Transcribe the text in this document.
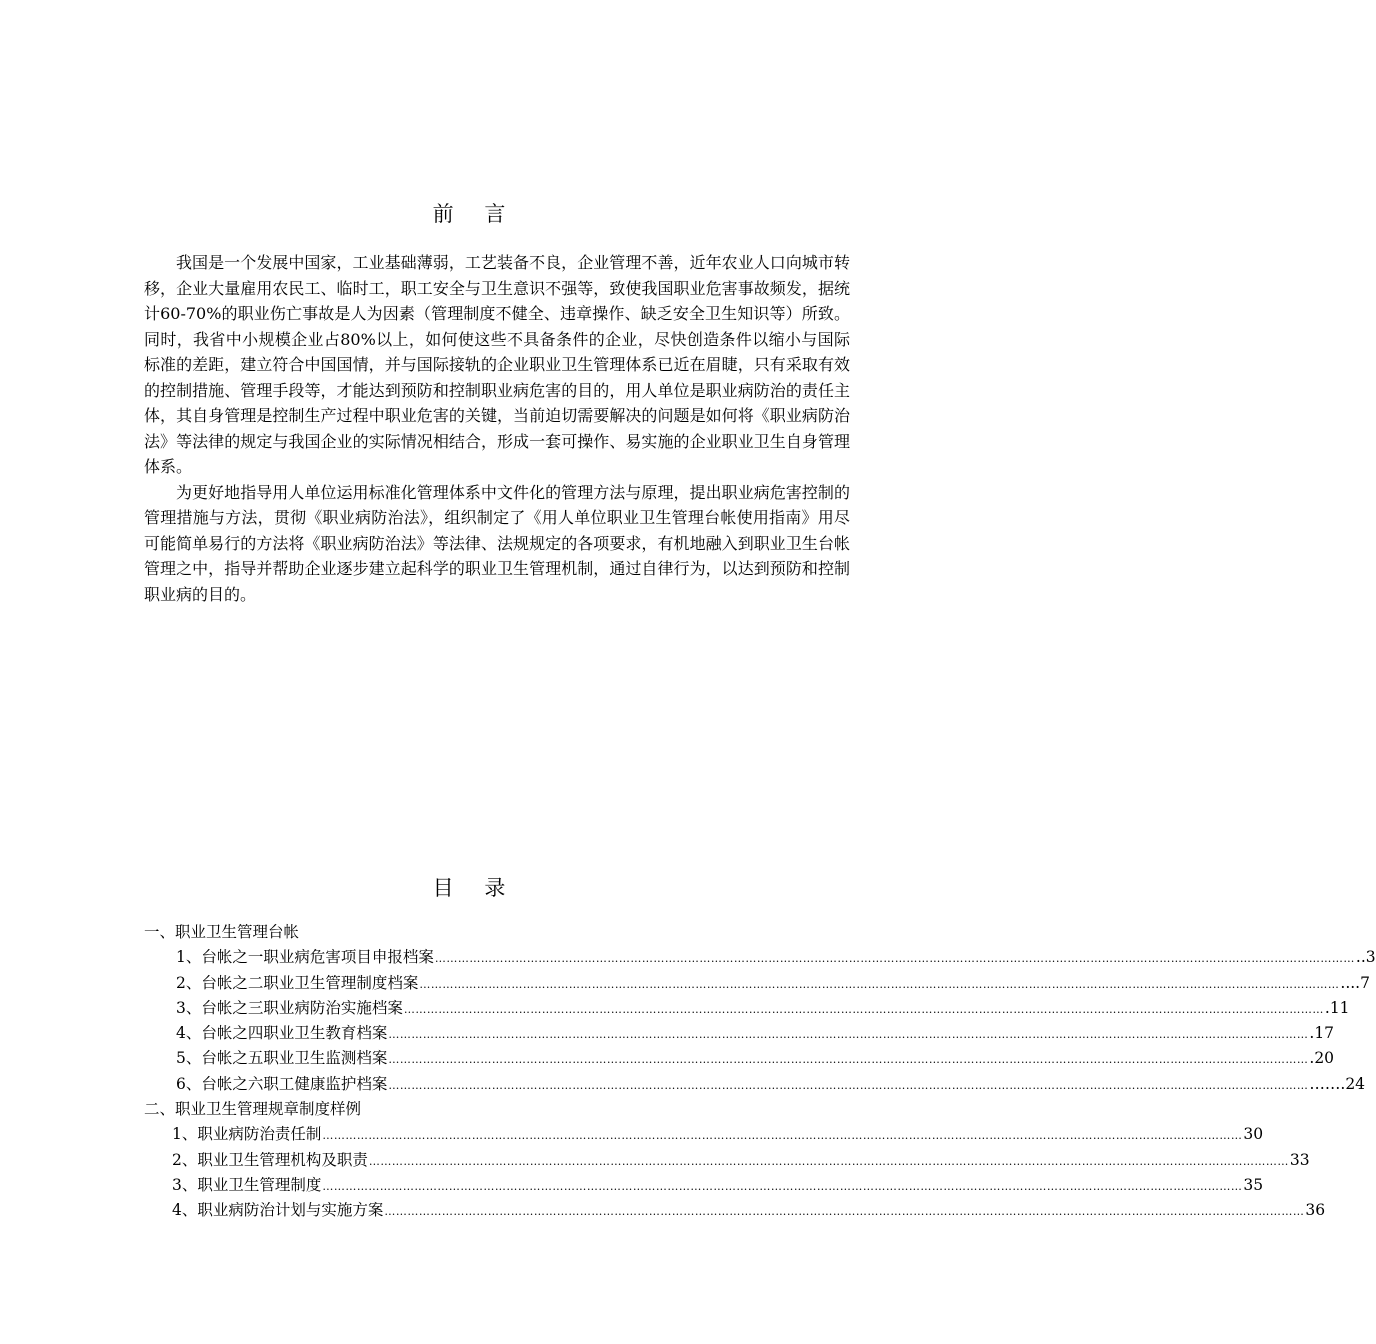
前 言

我国是一个发展中国家，工业基础薄弱，工艺装备不良，企业管理不善，近年农业人口向城市转移，企业大量雇用农民工、临时工，职工安全与卫生意识不强等，致使我国职业危害事故频发，据统计60-70%的职业伤亡事故是人为因素（管理制度不健全、违章操作、缺乏安全卫生知识等）所致。同时，我省中小规模企业占80%以上，如何使这些不具备条件的企业，尽快创造条件以缩小与国际标准的差距，建立符合中国国情，并与国际接轨的企业职业卫生管理体系已近在眉睫，只有采取有效的控制措施、管理手段等，才能达到预防和控制职业病危害的目的，用人单位是职业病防治的责任主体，其自身管理是控制生产过程中职业危害的关键，当前迫切需要解决的问题是如何将《职业病防治法》等法律的规定与我国企业的实际情况相结合，形成一套可操作、易实施的企业职业卫生自身管理体系。

为更好地指导用人单位运用标准化管理体系中文件化的管理方法与原理，提出职业病危害控制的管理措施与方法，贯彻《职业病防治法》，组织制定了《用人单位职业卫生管理台帐使用指南》用尽可能简单易行的方法将《职业病防治法》等法律、法规规定的各项要求，有机地融入到职业卫生台帐管理之中，指导并帮助企业逐步建立起科学的职业卫生管理机制，通过自律行为，以达到预防和控制职业病的目的。

目 录
一、职业卫生管理台帐
1、台帐之一 职业病危害项目申报档案 …………………………………………………………………………………………………………………………………………………………………………………………………………………… ..3
2、台帐之二 职业卫生管理制度档案 …………………………………………………………………………………………………………………………………………………………………………………………………………………… ....7
3、台帐之三 职业病防治实施档案 …………………………………………………………………………………………………………………………………………………………………………………………………………………… .11
4、台帐之四 职业卫生教育档案 …………………………………………………………………………………………………………………………………………………………………………………………………………………… .17
5、台帐之五 职业卫生监测档案 …………………………………………………………………………………………………………………………………………………………………………………………………………………… .20
6、台帐之六 职工健康监护档案 …………………………………………………………………………………………………………………………………………………………………………………………………………………… …….24
二、职业卫生管理规章制度样例
1、 职业病防治责任制 …………………………………………………………………………………………………………………………………………………………………………………………………………………… 30
2、 职业卫生管理机构及职责 …………………………………………………………………………………………………………………………………………………………………………………………………………………… 33
3、 职业卫生管理制度 …………………………………………………………………………………………………………………………………………………………………………………………………………………… 35
4、 职业病防治计划与实施方案 …………………………………………………………………………………………………………………………………………………………………………………………………………………… 36
